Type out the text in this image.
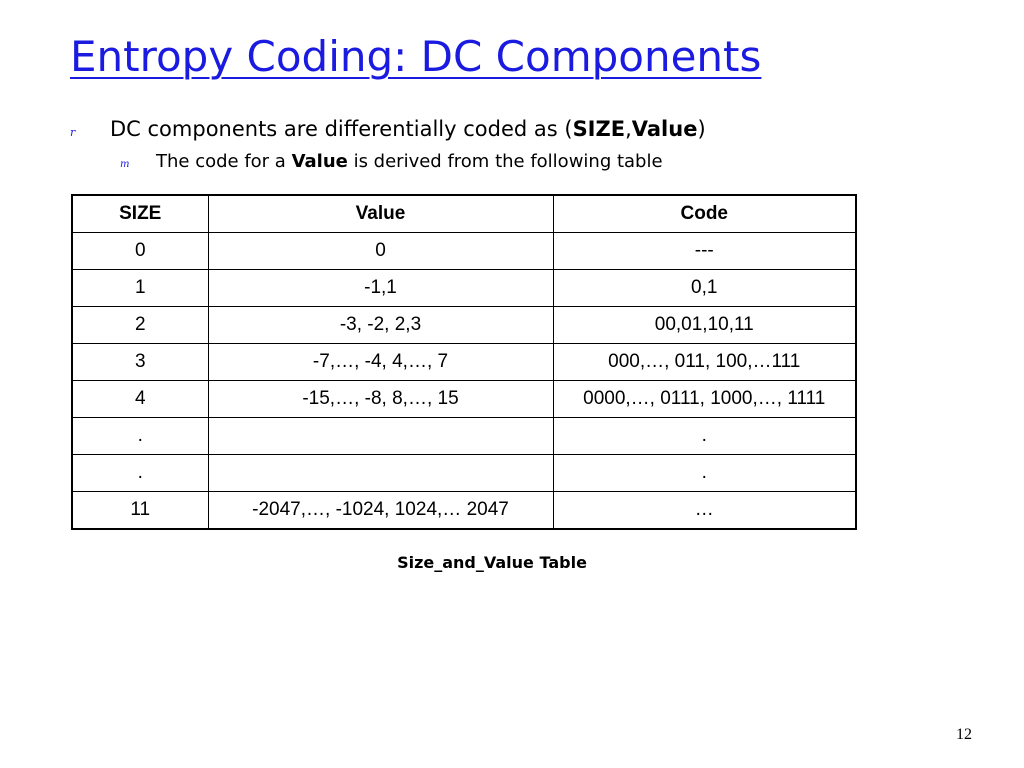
Entropy Coding: DC Components
r DC components are differentially coded as (SIZE,Value)
m The code for a Value is derived from the following table
SIZE	Value	Code
0	0	---
1	-1,1	0,1
2	-3, -2, 2,3	00,01,10,11
3	-7,…, -4, 4,…, 7	000,…, 011, 100,…111
4	-15,…, -8, 8,…, 15	0000,…, 0111, 1000,…, 1111
.		.
.		.
11	-2047,…, -1024, 1024,… 2047	…
Size_and_Value Table
12
